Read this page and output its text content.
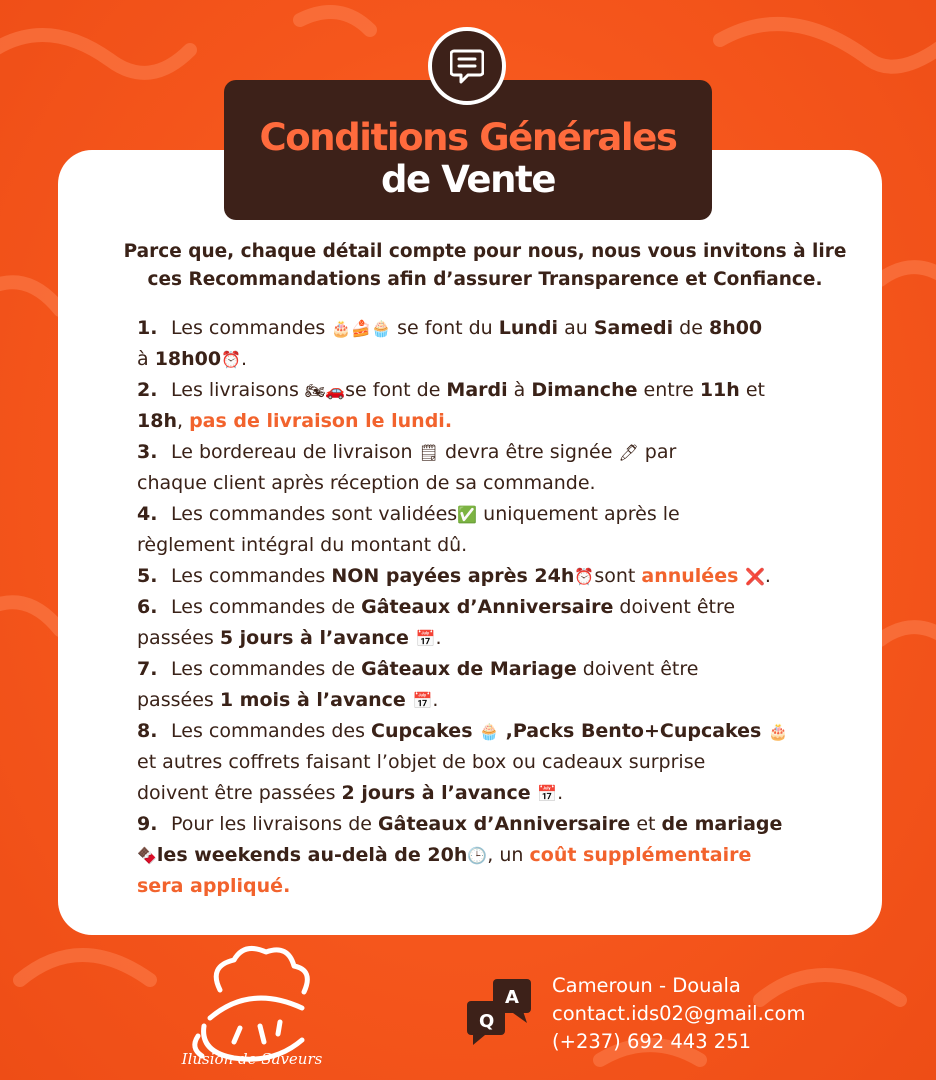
Conditions Générales
de Vente
Parce que, chaque détail compte pour nous, nous vous invitons à lire
ces Recommandations afin d’assurer Transparence et Confiance.
1. Les commandes 🎂🍰🧁 se font du Lundi au Samedi de 8h00
à 18h00⏰.
2. Les livraisons 🏍🚗se font de Mardi à Dimanche entre 11h et
18h, pas de livraison le lundi.
3. Le bordereau de livraison 🗒 devra être signée 🖊 par
chaque client après réception de sa commande.
4. Les commandes sont validées✅ uniquement après le
règlement intégral du montant dû.
5. Les commandes NON payées après 24h⏰sont annulées ❌.
6. Les commandes de Gâteaux d’Anniversaire doivent être
passées 5 jours à l’avance 📅.
7. Les commandes de Gâteaux de Mariage doivent être
passées 1 mois à l’avance 📅.
8. Les commandes des Cupcakes 🧁 ,Packs Bento+Cupcakes 🎂
et autres coffrets faisant l’objet de box ou cadeaux surprise
doivent être passées 2 jours à l’avance 📅.
9. Pour les livraisons de Gâteaux d’Anniversaire et de mariage
🍫les weekends au-delà de 20h🕒, un coût supplémentaire
sera appliqué.
Ilusion de Saveurs
Q
A
Cameroun - Douala
contact.ids02@gmail.com
(+237) 692 443 251
